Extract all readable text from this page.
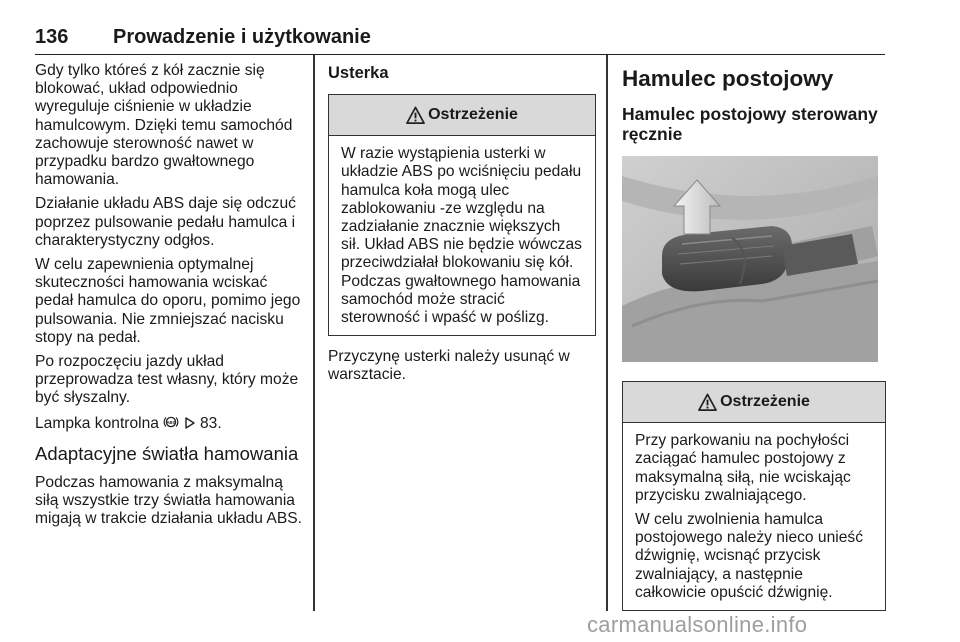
136 Prowadzenie i użytkowanie

Gdy tylko któreś z kół zacznie się blokować, układ odpowiednio wyreguluje ciśnienie w układzie hamulcowym. Dzięki temu samochód zachowuje sterowność nawet w przypadku bardzo gwałtownego hamowania.

Działanie układu ABS daje się odczuć poprzez pulsowanie pedału hamulca i charakterystyczny odgłos.

W celu zapewnienia optymalnej skuteczności hamowania wciskać pedał hamulca do oporu, pomimo jego pulsowania. Nie zmniejszać nacisku stopy na pedał.

Po rozpoczęciu jazdy układ przeprowadza test własny, który może być słyszalny.

Lampka kontrolna ABS 83.

Adaptacyjne światła hamowania

Podczas hamowania z maksymalną siłą wszystkie trzy światła hamowania migają w trakcie działania układu ABS.

Usterka
Ostrzeżenie

W razie wystąpienia usterki w układzie ABS po wciśnięciu pedału hamulca koła mogą ulec zablokowaniu -ze względu na zadziałanie znacznie większych sił. Układ ABS nie będzie wówczas przeciwdziałał blokowaniu się kół. Podczas gwałtownego hamowania samochód może stracić sterowność i wpaść w poślizg.

Przyczynę usterki należy usunąć w warsztacie.

Hamulec postojowy
Hamulec postojowy sterowany ręcznie
Ostrzeżenie

Przy parkowaniu na pochyłości zaciągać hamulec postojowy z maksymalną siłą, nie wciskając przycisku zwalniającego.

W celu zwolnienia hamulca postojowego należy nieco unieść dźwignię, wcisnąć przycisk zwalniający, a następnie całkowicie opuścić dźwignię.

carmanualsonline.info
